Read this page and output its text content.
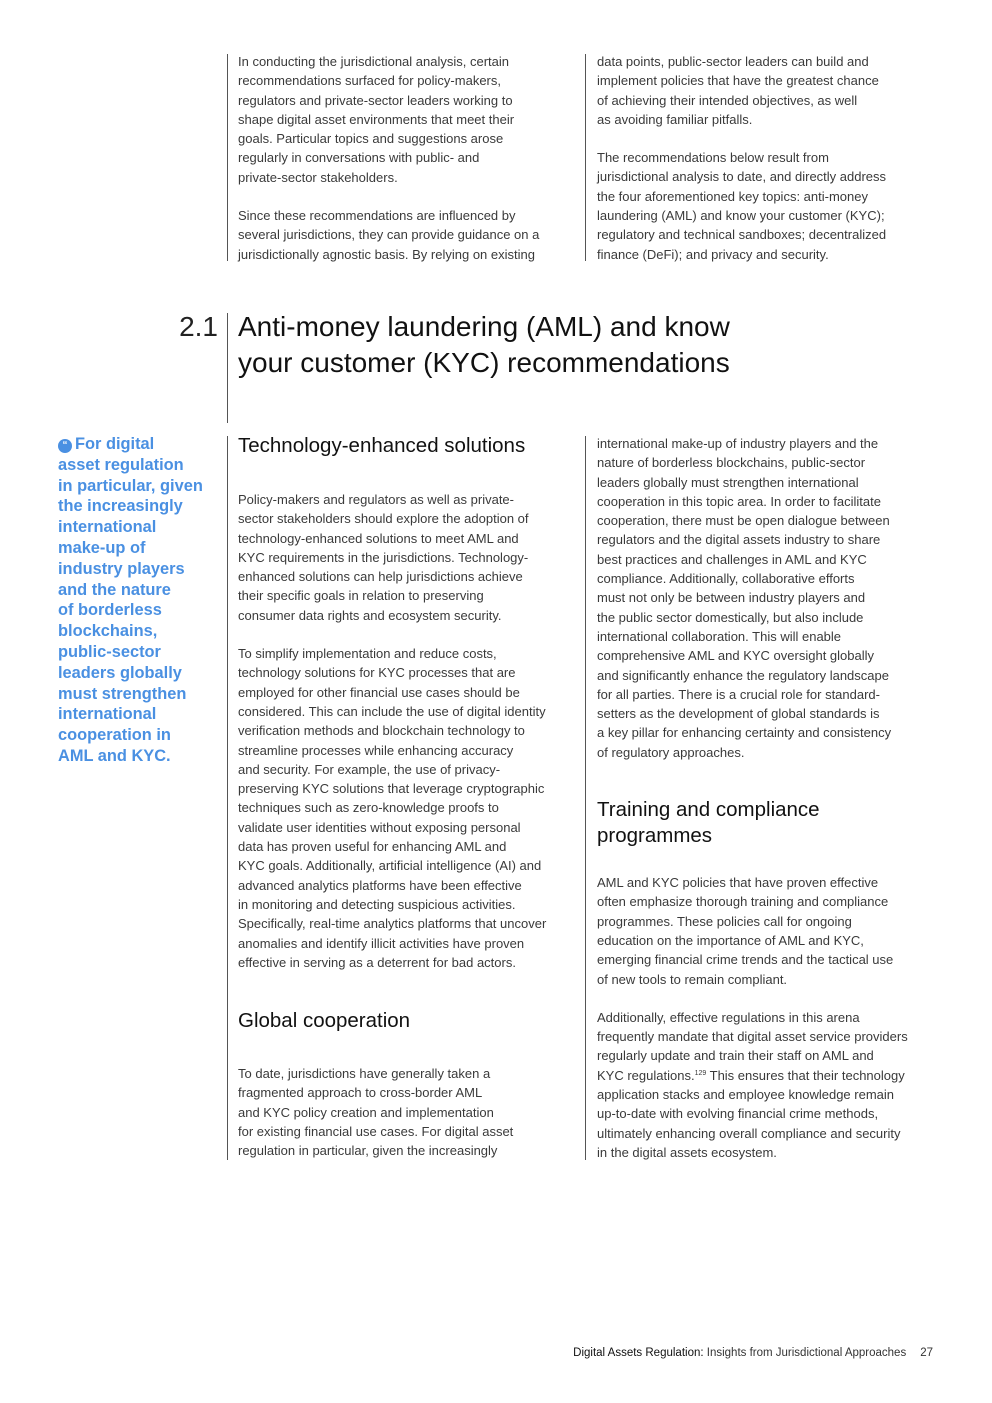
In conducting the jurisdictional analysis, certain
recommendations surfaced for policy-makers,
regulators and private-sector leaders working to
shape digital asset environments that meet their
goals. Particular topics and suggestions arose
regularly in conversations with public- and
private-sector stakeholders.

Since these recommendations are influenced by
several jurisdictions, they can provide guidance on a
jurisdictionally agnostic basis. By relying on existing

data points, public-sector leaders can build and
implement policies that have the greatest chance
of achieving their intended objectives, as well
as avoiding familiar pitfalls.

The recommendations below result from
jurisdictional analysis to date, and directly address
the four aforementioned key topics: anti-money
laundering (AML) and know your customer (KYC);
regulatory and technical sandboxes; decentralized
finance (DeFi); and privacy and security.

2.1 Anti-money laundering (AML) and know
your customer (KYC) recommendations
“ For digital
asset regulation
in particular, given
the increasingly
international
make-up of
industry players
and the nature
of borderless
blockchains,
public-sector
leaders globally
must strengthen
international
cooperation in
AML and KYC.
Technology-enhanced solutions

Policy-makers and regulators as well as private-
sector stakeholders should explore the adoption of
technology-enhanced solutions to meet AML and
KYC requirements in the jurisdictions. Technology-
enhanced solutions can help jurisdictions achieve
their specific goals in relation to preserving
consumer data rights and ecosystem security.

To simplify implementation and reduce costs,
technology solutions for KYC processes that are
employed for other financial use cases should be
considered. This can include the use of digital identity
verification methods and blockchain technology to
streamline processes while enhancing accuracy
and security. For example, the use of privacy-
preserving KYC solutions that leverage cryptographic
techniques such as zero-knowledge proofs to
validate user identities without exposing personal
data has proven useful for enhancing AML and
KYC goals. Additionally, artificial intelligence (AI) and
advanced analytics platforms have been effective
in monitoring and detecting suspicious activities.
Specifically, real-time analytics platforms that uncover
anomalies and identify illicit activities have proven
effective in serving as a deterrent for bad actors.

Global cooperation

To date, jurisdictions have generally taken a
fragmented approach to cross-border AML
and KYC policy creation and implementation
for existing financial use cases. For digital asset
regulation in particular, given the increasingly

international make-up of industry players and the
nature of borderless blockchains, public-sector
leaders globally must strengthen international
cooperation in this topic area. In order to facilitate
cooperation, there must be open dialogue between
regulators and the digital assets industry to share
best practices and challenges in AML and KYC
compliance. Additionally, collaborative efforts
must not only be between industry players and
the public sector domestically, but also include
international collaboration. This will enable
comprehensive AML and KYC oversight globally
and significantly enhance the regulatory landscape
for all parties. There is a crucial role for standard-
setters as the development of global standards is
a key pillar for enhancing certainty and consistency
of regulatory approaches.

Training and compliance
programmes

AML and KYC policies that have proven effective
often emphasize thorough training and compliance
programmes. These policies call for ongoing
education on the importance of AML and KYC,
emerging financial crime trends and the tactical use
of new tools to remain compliant.

Additionally, effective regulations in this arena
frequently mandate that digital asset service providers
regularly update and train their staff on AML and
KYC regulations.$^{129}$ This ensures that their technology
application stacks and employee knowledge remain
up-to-date with evolving financial crime methods,
ultimately enhancing overall compliance and security
in the digital assets ecosystem.

Digital Assets Regulation: Insights from Jurisdictional Approaches 27
